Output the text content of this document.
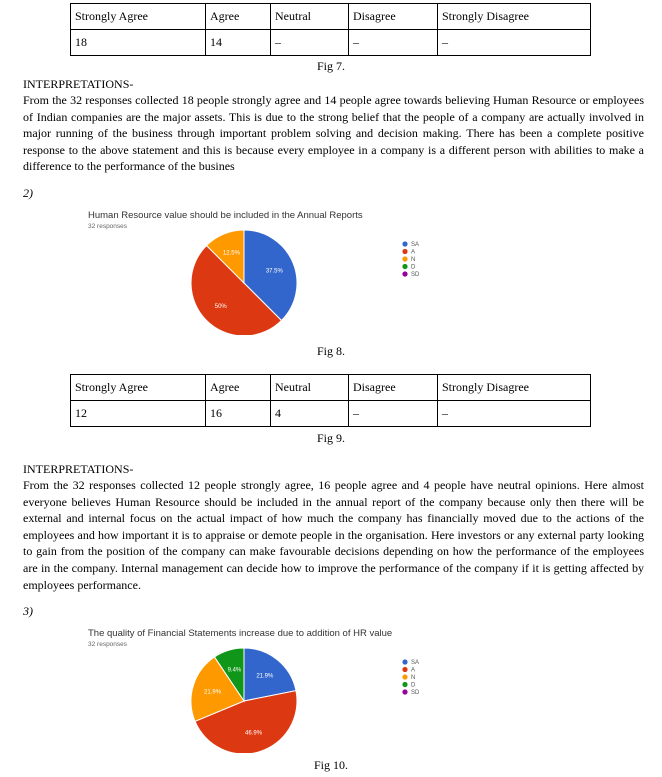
Strongly Agree	Agree	Neutral	Disagree	Strongly Disagree
18	14	–	–	–
Fig 7.
INTERPRETATIONS-
From the 32 responses collected 18 people strongly agree and 14 people agree towards believing Human Resource or employees of Indian companies are the major assets. This is due to the strong belief that the people of a company are actually involved in major running of the business through important problem solving and decision making. There has been a complete positive response to the above statement and this is because every employee in a company is a different person with abilities to make a difference to the performance of the busines
2)
Human Resource value should be included in the Annual Reports
32 responses
37.5%
50%
12.5%
SA
A
N
D
SD
Fig 8.
Strongly Agree	Agree	Neutral	Disagree	Strongly Disagree
12	16	4	–	–
Fig 9.
INTERPRETATIONS-
From the 32 responses collected 12 people strongly agree, 16 people agree and 4 people have neutral opinions. Here almost everyone believes Human Resource should be included in the annual report of the company because only then there will be external and internal focus on the actual impact of how much the company has financially moved due to the actions of the employees and how important it is to appraise or demote people in the organisation. Here investors or any external party looking to gain from the position of the company can make favourable decisions depending on how the performance of the employees are in the company. Internal management can decide how to improve the performance of the company if it is getting affected by employees performance.
3)
The quality of Financial Statements increase due to addition of HR value
32 responses
21.9%
46.9%
21.9%
9.4%
SA
A
N
D
SD
Fig 10.
